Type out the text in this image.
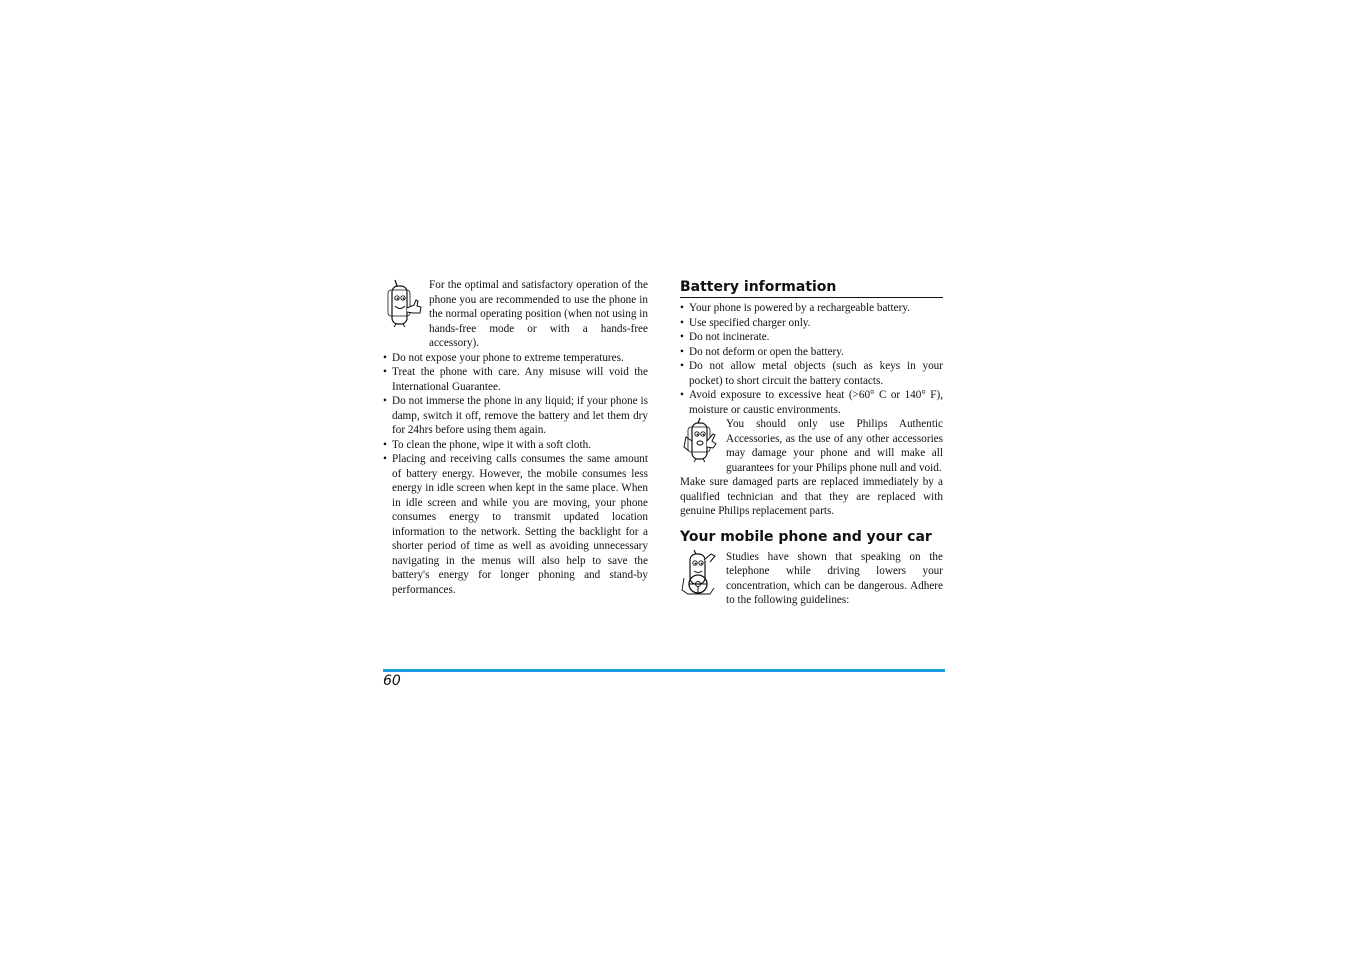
For the optimal and satisfactory operation of the phone you are recommended to use the phone in the normal operating position (when not using in hands-free mode or with a hands-free accessory).
• Do not expose your phone to extreme temperatures.
• Treat the phone with care. Any misuse will void the International Guarantee.
• Do not immerse the phone in any liquid; if your phone is damp, switch it off, remove the battery and let them dry for 24hrs before using them again.
• To clean the phone, wipe it with a soft cloth.
• Placing and receiving calls consumes the same amount of battery energy. However, the mobile consumes less energy in idle screen when kept in the same place. When in idle screen and while you are moving, your phone consumes energy to transmit updated location information to the network. Setting the backlight for a shorter period of time as well as avoiding unnecessary navigating in the menus will also help to save the battery's energy for longer phoning and stand-by performances.
Battery information
• Your phone is powered by a rechargeable battery.
• Use specified charger only.
• Do not incinerate.
• Do not deform or open the battery.
• Do not allow metal objects (such as keys in your pocket) to short circuit the battery contacts.
• Avoid exposure to excessive heat (>60° C or 140° F), moisture or caustic environments.
You should only use Philips Authentic Accessories, as the use of any other accessories may damage your phone and will make all guarantees for your Philips phone null and void.

Make sure damaged parts are replaced immediately by a qualified technician and that they are replaced with genuine Philips replacement parts.

Your mobile phone and your car
Studies have shown that speaking on the telephone while driving lowers your concentration, which can be dangerous. Adhere to the following guidelines:
60
